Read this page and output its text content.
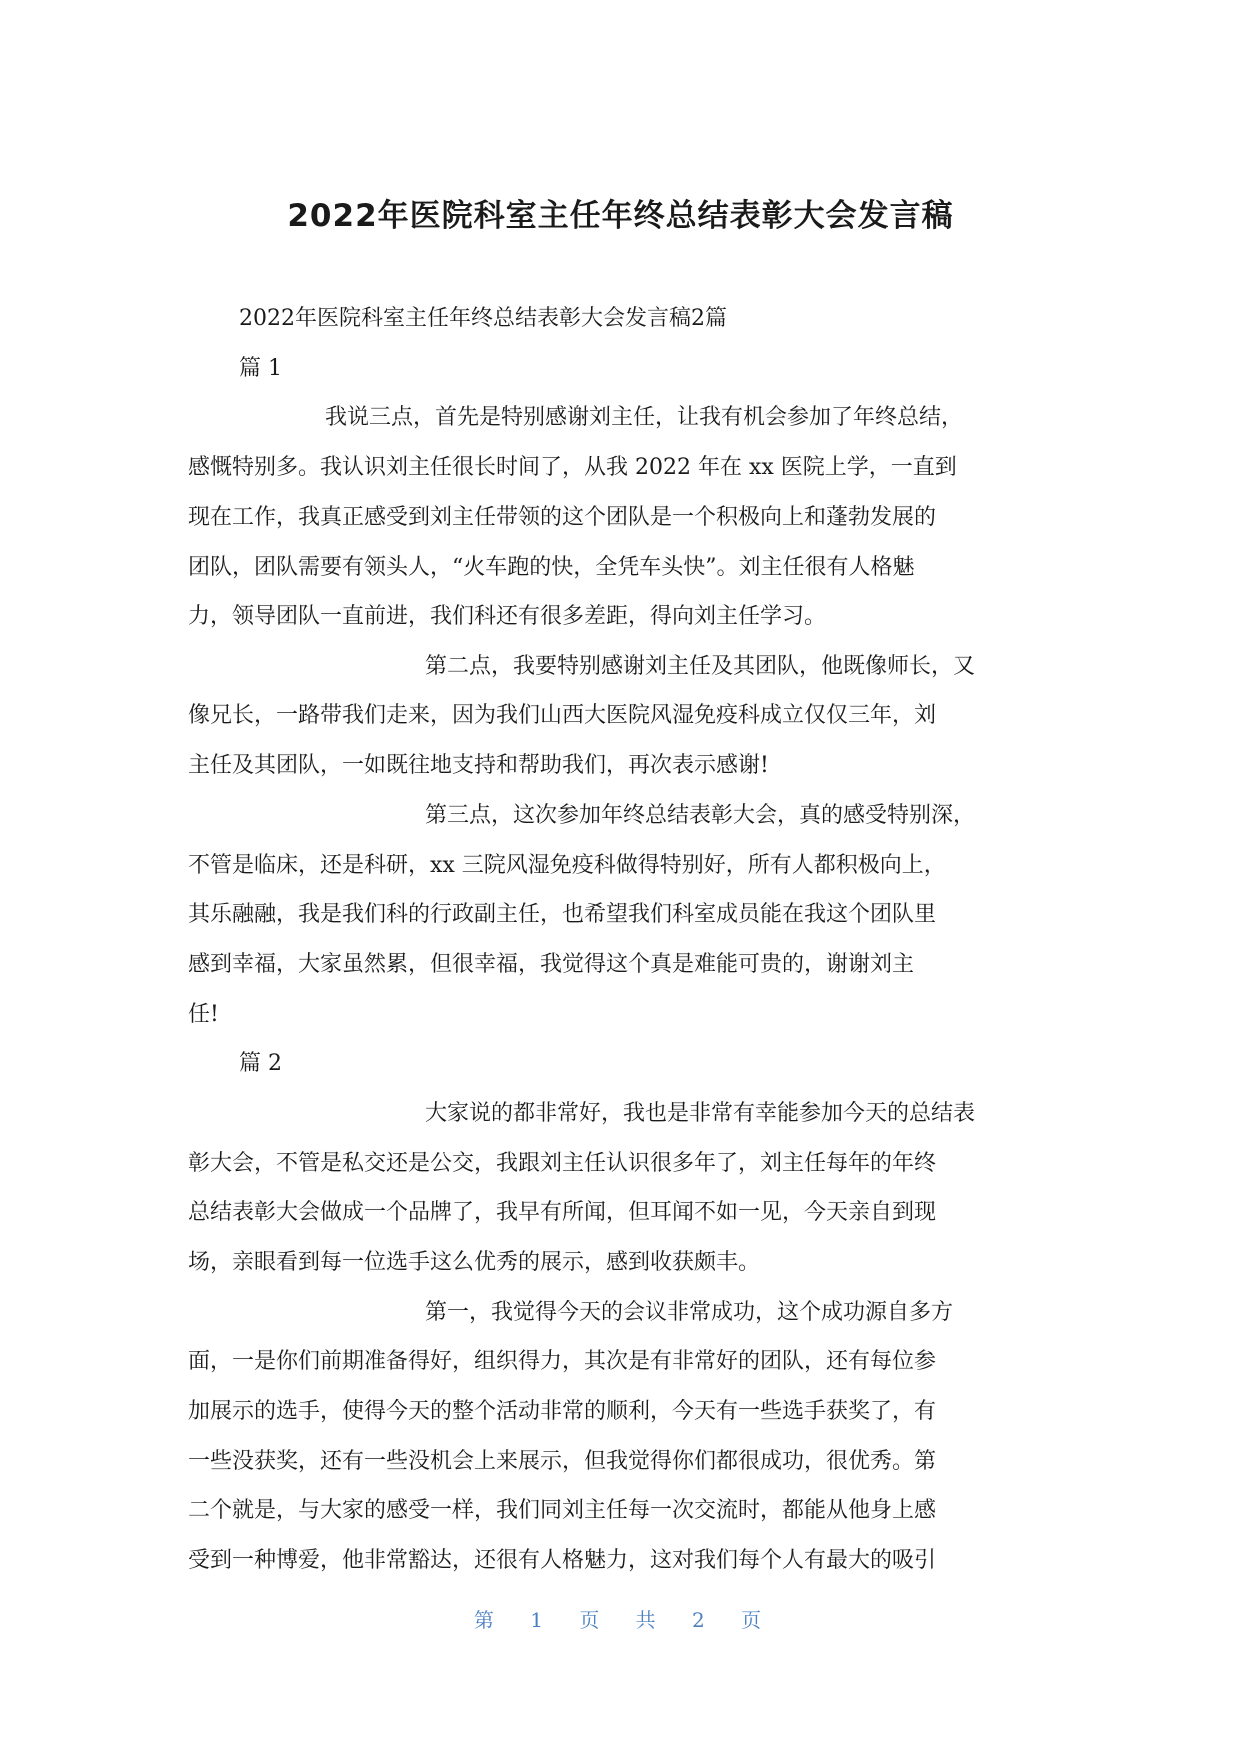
2022年医院科室主任年终总结表彰大会发言稿

2022年医院科室主任年终总结表彰大会发言稿2篇

篇 1

我说三点，首先是特别感谢刘主任，让我有机会参加了年终总结，

感慨特别多。我认识刘主任很长时间了，从我 2022 年在 xx 医院上学，一直到

现在工作，我真正感受到刘主任带领的这个团队是一个积极向上和蓬勃发展的

团队，团队需要有领头人，“火车跑的快，全凭车头快”。刘主任很有人格魅

力，领导团队一直前进，我们科还有很多差距，得向刘主任学习。

第二点，我要特别感谢刘主任及其团队，他既像师长，又

像兄长，一路带我们走来，因为我们山西大医院风湿免疫科成立仅仅三年，刘

主任及其团队，一如既往地支持和帮助我们，再次表示感谢!

第三点，这次参加年终总结表彰大会，真的感受特别深，

不管是临床，还是科研，xx 三院风湿免疫科做得特别好，所有人都积极向上，

其乐融融，我是我们科的行政副主任，也希望我们科室成员能在我这个团队里

感到幸福，大家虽然累，但很幸福，我觉得这个真是难能可贵的，谢谢刘主

任!

篇 2

大家说的都非常好，我也是非常有幸能参加今天的总结表

彰大会，不管是私交还是公交，我跟刘主任认识很多年了，刘主任每年的年终

总结表彰大会做成一个品牌了，我早有所闻，但耳闻不如一见，今天亲自到现

场，亲眼看到每一位选手这么优秀的展示，感到收获颇丰。

第一，我觉得今天的会议非常成功，这个成功源自多方

面，一是你们前期准备得好，组织得力，其次是有非常好的团队，还有每位参

加展示的选手，使得今天的整个活动非常的顺利，今天有一些选手获奖了，有

一些没获奖，还有一些没机会上来展示，但我觉得你们都很成功，很优秀。第

二个就是，与大家的感受一样，我们同刘主任每一次交流时，都能从他身上感

受到一种博爱，他非常豁达，还很有人格魅力，这对我们每个人有最大的吸引

第 1 页 共 2 页
